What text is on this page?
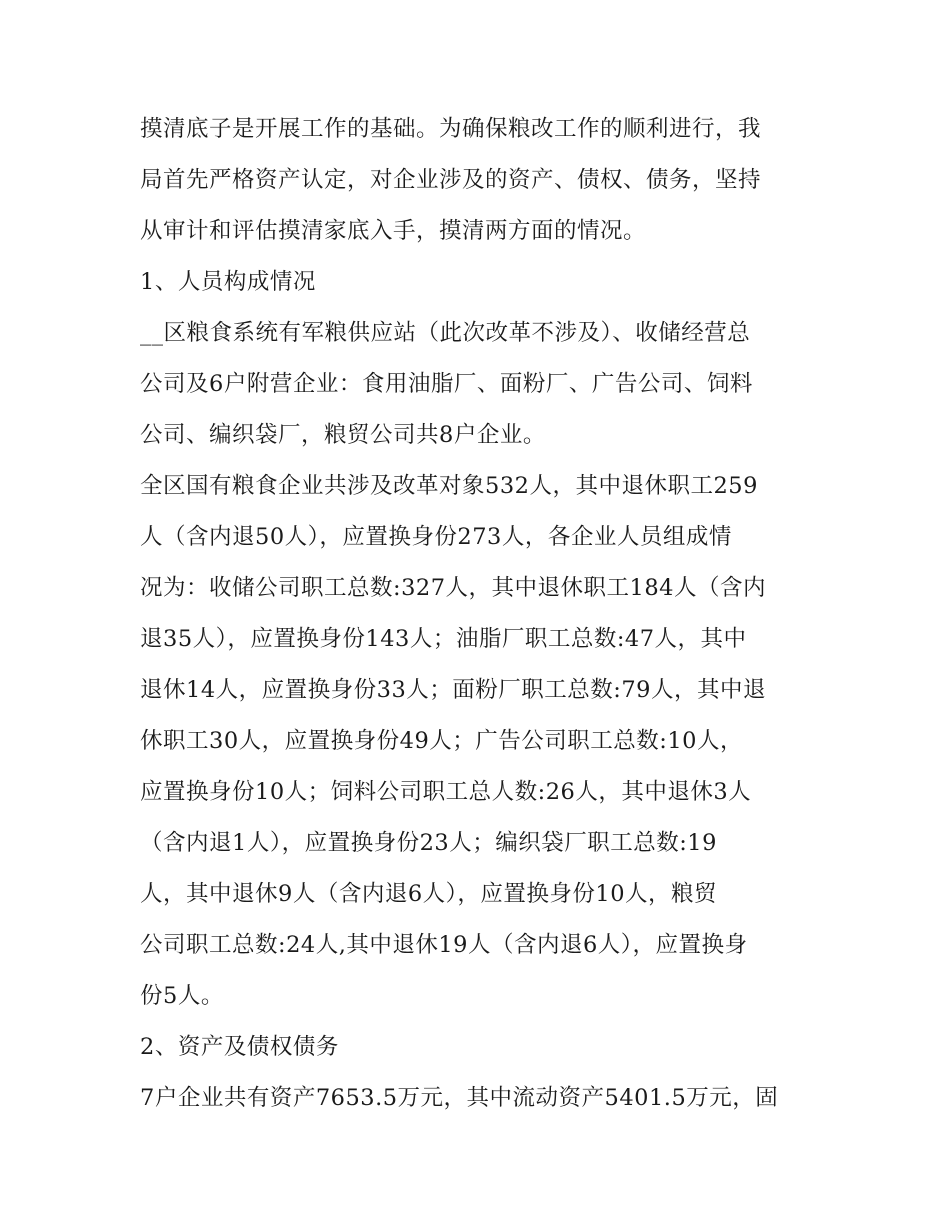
摸清底子是开展工作的基础。为确保粮改工作的顺利进行，我
局首先严格资产认定，对企业涉及的资产、债权、债务，坚持
从审计和评估摸清家底入手，摸清两方面的情况。
1、人员构成情况
__区粮食系统有军粮供应站（此次改革不涉及）、收储经营总
公司及6户附营企业：食用油脂厂、面粉厂、广告公司、饲料
公司、编织袋厂，粮贸公司共8户企业。
全区国有粮食企业共涉及改革对象532人，其中退休职工259
人（含内退50人），应置换身份273人，各企业人员组成情
况为：收储公司职工总数:327人，其中退休职工184人（含内
退35人），应置换身份143人；油脂厂职工总数:47人，其中
退休14人，应置换身份33人；面粉厂职工总数:79人，其中退
休职工30人，应置换身份49人；广告公司职工总数:10人，
应置换身份10人；饲料公司职工总人数:26人，其中退休3人
（含内退1人），应置换身份23人；编织袋厂职工总数:19
人，其中退休9人（含内退6人），应置换身份10人，粮贸
公司职工总数:24人,其中退休19人（含内退6人），应置换身
份5人。
2、资产及债权债务
7户企业共有资产7653.5万元，其中流动资产5401.5万元，固
